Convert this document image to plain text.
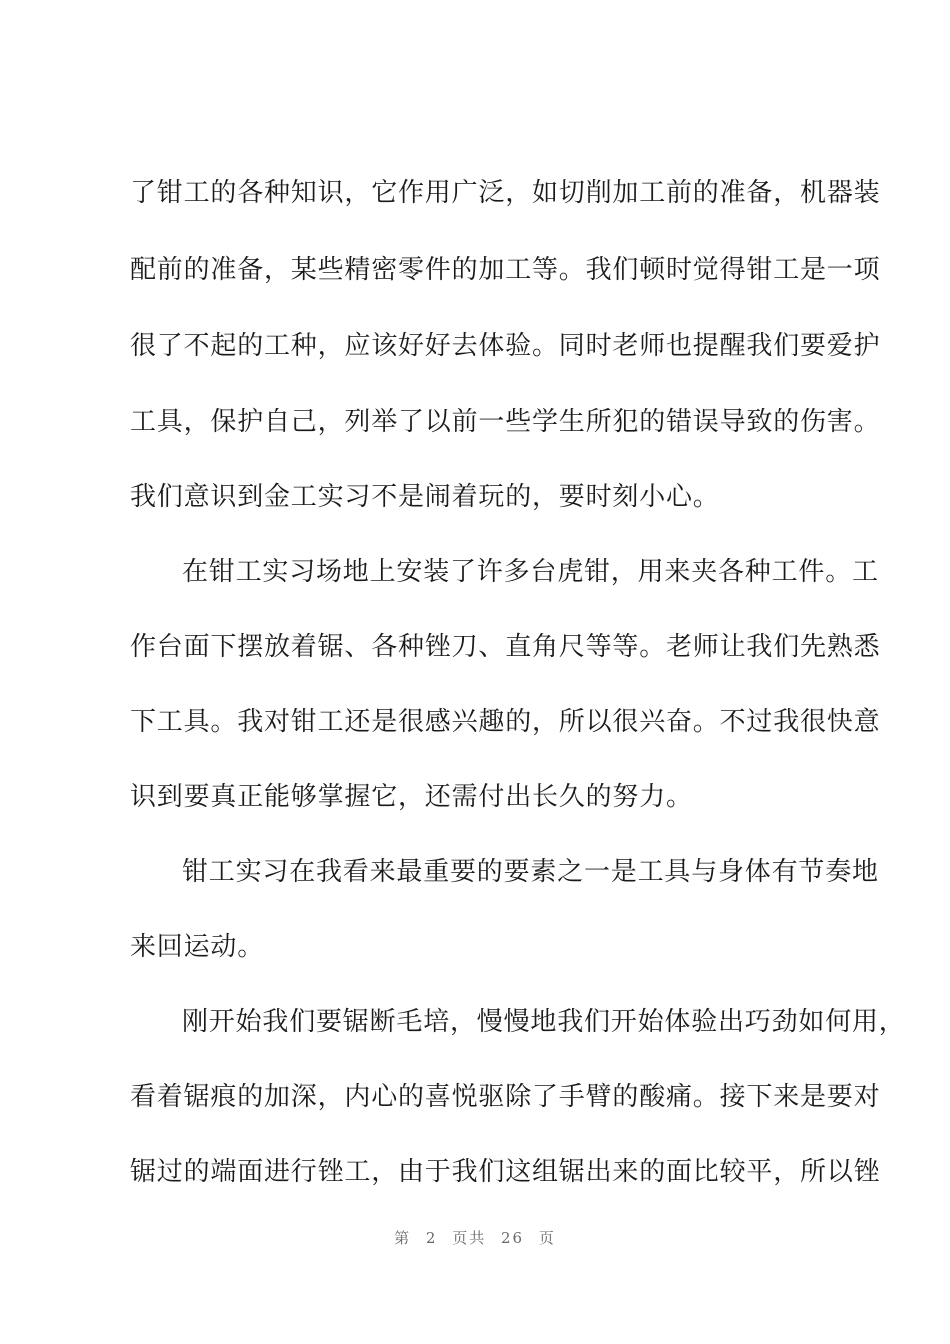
了钳工的各种知识，它作用广泛，如切削加工前的准备，机器装
配前的准备，某些精密零件的加工等。我们顿时觉得钳工是一项
很了不起的工种，应该好好去体验。同时老师也提醒我们要爱护
工具，保护自己，列举了以前一些学生所犯的错误导致的伤害。
我们意识到金工实习不是闹着玩的，要时刻小心。
在钳工实习场地上安装了许多台虎钳，用来夹各种工件。工
作台面下摆放着锯、各种锉刀、直角尺等等。老师让我们先熟悉
下工具。我对钳工还是很感兴趣的，所以很兴奋。不过我很快意
识到要真正能够掌握它，还需付出长久的努力。
钳工实习在我看来最重要的要素之一是工具与身体有节奏地
来回运动。
刚开始我们要锯断毛培，慢慢地我们开始体验出巧劲如何用，
看着锯痕的加深，内心的喜悦驱除了手臂的酸痛。接下来是要对
锯过的端面进行锉工，由于我们这组锯出来的面比较平，所以锉
第 2 页共 26 页
